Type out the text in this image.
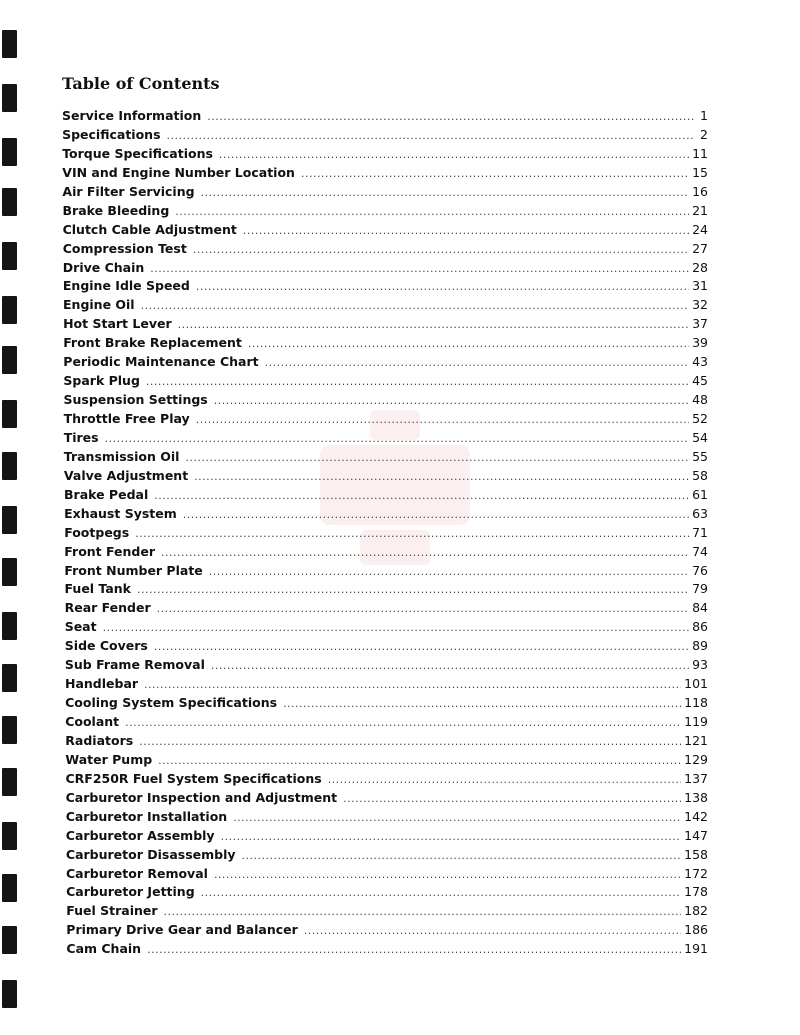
Table of Contents
Service Information .....	1
Specifications .....	2
Torque Specifications .....	11
VIN and Engine Number Location .....	15
Air Filter Servicing .....	16
Brake Bleeding .....	21
Clutch Cable Adjustment .....	24
Compression Test .....	27
Drive Chain .....	28
Engine Idle Speed .....	31
Engine Oil .....	32
Hot Start Lever .....	37
Front Brake Replacement .....	39
Periodic Maintenance Chart .....	43
Spark Plug .....	45
Suspension Settings .....	48
Throttle Free Play .....	52
Tires .....	54
Transmission Oil .....	55
Valve Adjustment .....	58
Brake Pedal .....	61
Exhaust System .....	63
Footpegs .....	71
Front Fender .....	74
Front Number Plate .....	76
Fuel Tank .....	79
Rear Fender .....	84
Seat .....	86
Side Covers .....	89
Sub Frame Removal .....	93
Handlebar .....	101
Cooling System Specifications .....	118
Coolant .....	119
Radiators .....	121
Water Pump .....	129
CRF250R Fuel System Specifications .....	137
Carburetor Inspection and Adjustment .....	138
Carburetor Installation .....	142
Carburetor Assembly .....	147
Carburetor Disassembly .....	158
Carburetor Removal .....	172
Carburetor Jetting .....	178
Fuel Strainer .....	182
Primary Drive Gear and Balancer .....	186
Cam Chain .....	191
